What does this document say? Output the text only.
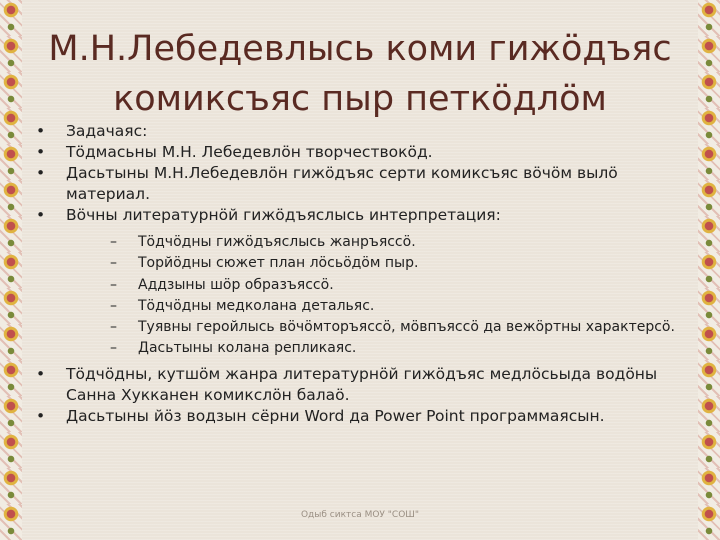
М.Н.Лебедевлысь коми гижӧдъяс комиксъяс пыр петкӧдлӧм
•	Задачаяс:
•	Тӧдмасьны М.Н. Лебедевлӧн творчествокӧд.
•	Дасьтыны М.Н.Лебедевлӧн гижӧдъяс серти комиксъяс вӧчӧм вылӧ материал.
•	Вӧчны литературнӧй гижӧдъяслысь интерпретация:
– Тӧдчӧдны гижӧдъяслысь жанръяссӧ.
– Торйӧдны сюжет план лӧсьӧдӧм пыр.
– Аддзыны шӧр образъяссӧ.
– Тӧдчӧдны медколана детальяс.
– Туявны геройлысь вӧчӧмторъяссӧ, мӧвпъяссӧ да вежӧртны характерсӧ.
– Дасьтыны колана репликаяс.
•	Тӧдчӧдны, кутшӧм жанра литературнӧй гижӧдъяс медлӧсьыда водӧны Санна Хукканен комикслӧн балаӧ.
•	Дасьтыны йӧз водзын сёрни Word да Power Point программаясын.
Одыб сиктса МОУ "СОШ"
